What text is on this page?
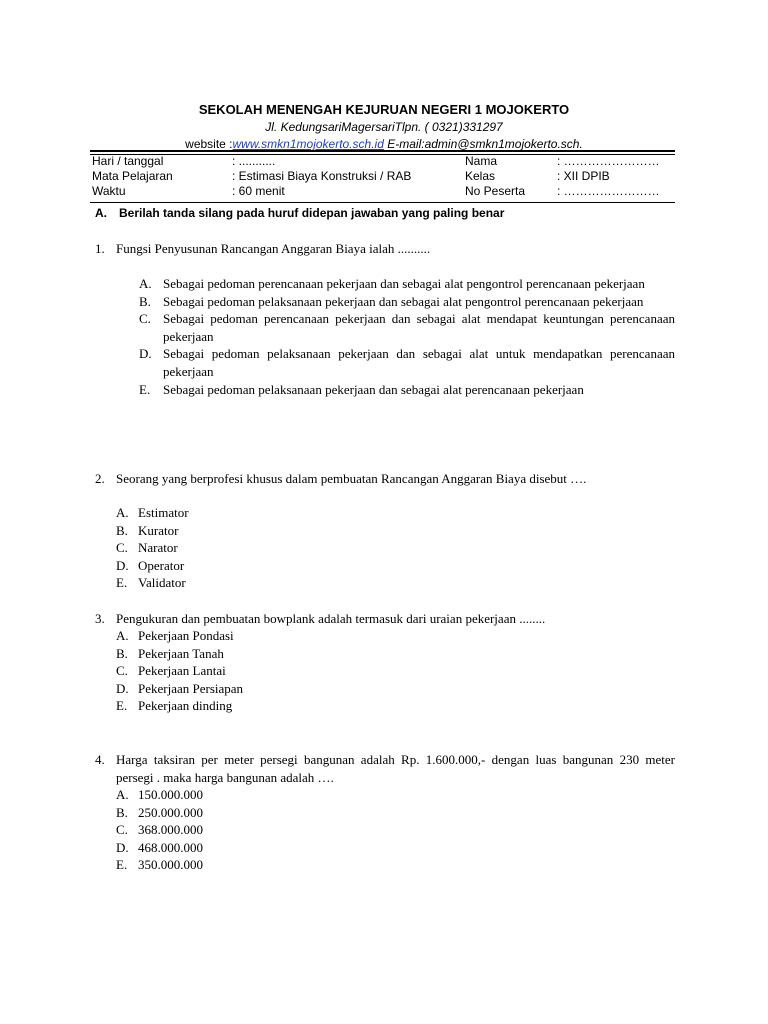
SEKOLAH MENENGAH KEJURUAN NEGERI 1 MOJOKERTO
Jl. KedungsariMagersariTlpn. ( 0321)331297
website :www.smkn1mojokerto.sch.id E-mail:admin@smkn1mojokerto.sch.
Hari / tanggal	: ...........	Nama	: ……………………
Mata Pelajaran	: Estimasi Biaya Konstruksi / RAB	Kelas	: XII DPIB
Waktu	: 60 menit	No Peserta	: ……………………
A. Berilah tanda silang pada huruf didepan jawaban yang paling benar
1. Fungsi Penyusunan Rancangan Anggaran Biaya ialah ..........
A. Sebagai pedoman perencanaan pekerjaan dan sebagai alat pengontrol perencanaan pekerjaan
B. Sebagai pedoman pelaksanaan pekerjaan dan sebagai alat pengontrol perencanaan pekerjaan
C. Sebagai pedoman perencanaan pekerjaan dan sebagai alat mendapat keuntungan perencanaan pekerjaan
D. Sebagai pedoman pelaksanaan pekerjaan dan sebagai alat untuk mendapatkan perencanaan pekerjaan
E. Sebagai pedoman pelaksanaan pekerjaan dan sebagai alat perencanaan pekerjaan
2. Seorang yang berprofesi khusus dalam pembuatan Rancangan Anggaran Biaya disebut ….
A. Estimator
B. Kurator
C. Narator
D. Operator
E. Validator
3. Pengukuran dan pembuatan bowplank adalah termasuk dari uraian pekerjaan ........
A. Pekerjaan Pondasi
B. Pekerjaan Tanah
C. Pekerjaan Lantai
D. Pekerjaan Persiapan
E. Pekerjaan dinding
4. Harga taksiran per meter persegi bangunan adalah Rp. 1.600.000,- dengan luas bangunan 230 meter persegi . maka harga bangunan adalah ….
A. 150.000.000
B. 250.000.000
C. 368.000.000
D. 468.000.000
E. 350.000.000
